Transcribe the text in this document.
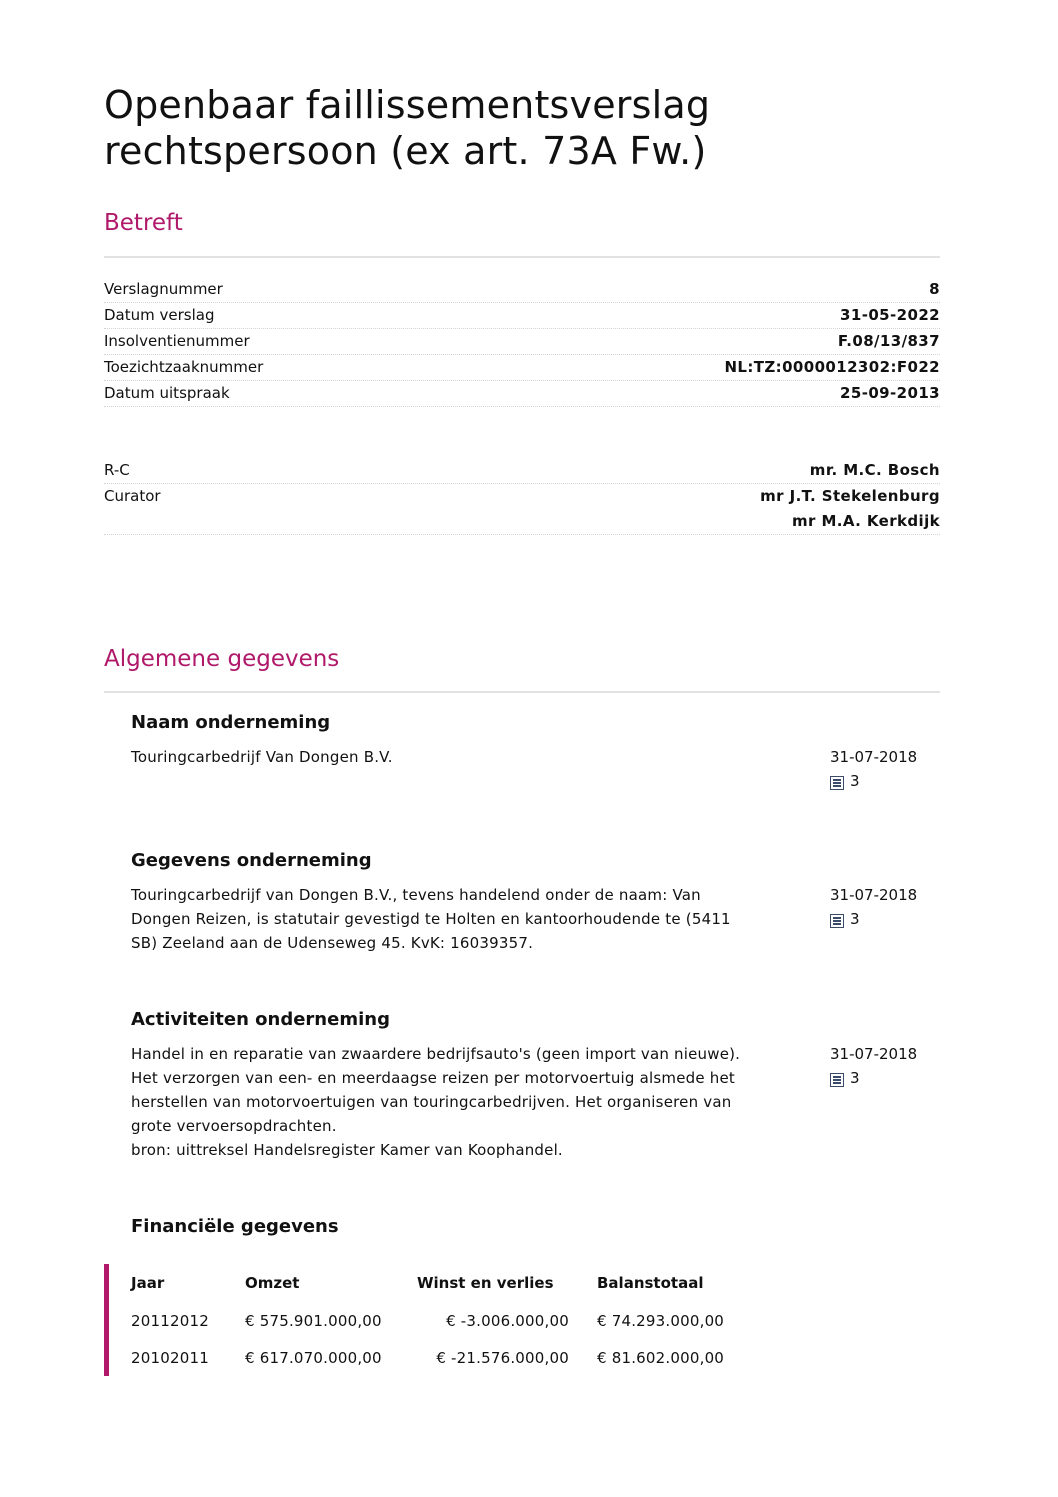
Openbaar faillissementsverslag
rechtspersoon (ex art. 73A Fw.)
Betreft
Verslagnummer	8
Datum verslag	31-05-2022
Insolventienummer	F.08/13/837
Toezichtzaaknummer	NL:TZ:0000012302:F022
Datum uitspraak	25-09-2013
R-C	mr. M.C. Bosch
Curator	mr J.T. Stekelenburg
mr M.A. Kerkdijk
Algemene gegevens
Naam onderneming
Touringcarbedrijf Van Dongen B.V.	31-07-2018
3
Gegevens onderneming
Touringcarbedrijf van Dongen B.V., tevens handelend onder de naam: Van
Dongen Reizen, is statutair gevestigd te Holten en kantoorhoudende te (5411
SB) Zeeland aan de Udenseweg 45. KvK: 16039357.
31-07-2018
3
Activiteiten onderneming
Handel in en reparatie van zwaardere bedrijfsauto's (geen import van nieuwe).
Het verzorgen van een- en meerdaagse reizen per motorvoertuig alsmede het
herstellen van motorvoertuigen van touringcarbedrijven. Het organiseren van
grote vervoersopdrachten.
bron: uittreksel Handelsregister Kamer van Koophandel.
31-07-2018
3
Financiële gegevens
Jaar	Omzet	Winst en verlies	Balanstotaal
20112012	€ 575.901.000,00	€ -3.006.000,00	€ 74.293.000,00
20102011	€ 617.070.000,00	€ -21.576.000,00	€ 81.602.000,00
